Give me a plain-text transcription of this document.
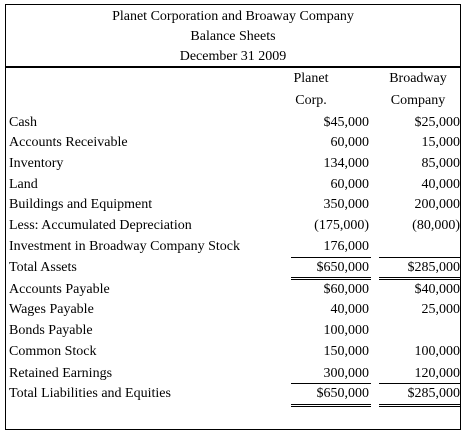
Planet Corporation and Broaway Company
Balance Sheets
December 31 2009
Planet
Corp.
Broadway
Company
Cash	$45,000	$25,000
Accounts Receivable	60,000	15,000
Inventory	134,000	85,000
Land	60,000	40,000
Buildings and Equipment	350,000	200,000
Less: Accumulated Depreciation	(175,000)	(80,000)
Investment in Broadway Company Stock	176,000
Total Assets	$650,000	$285,000
Accounts Payable	$60,000	$40,000
Wages Payable	40,000	25,000
Bonds Payable	100,000
Common Stock	150,000	100,000
Retained Earnings	300,000	120,000
Total Liabilities and Equities	$650,000	$285,000
